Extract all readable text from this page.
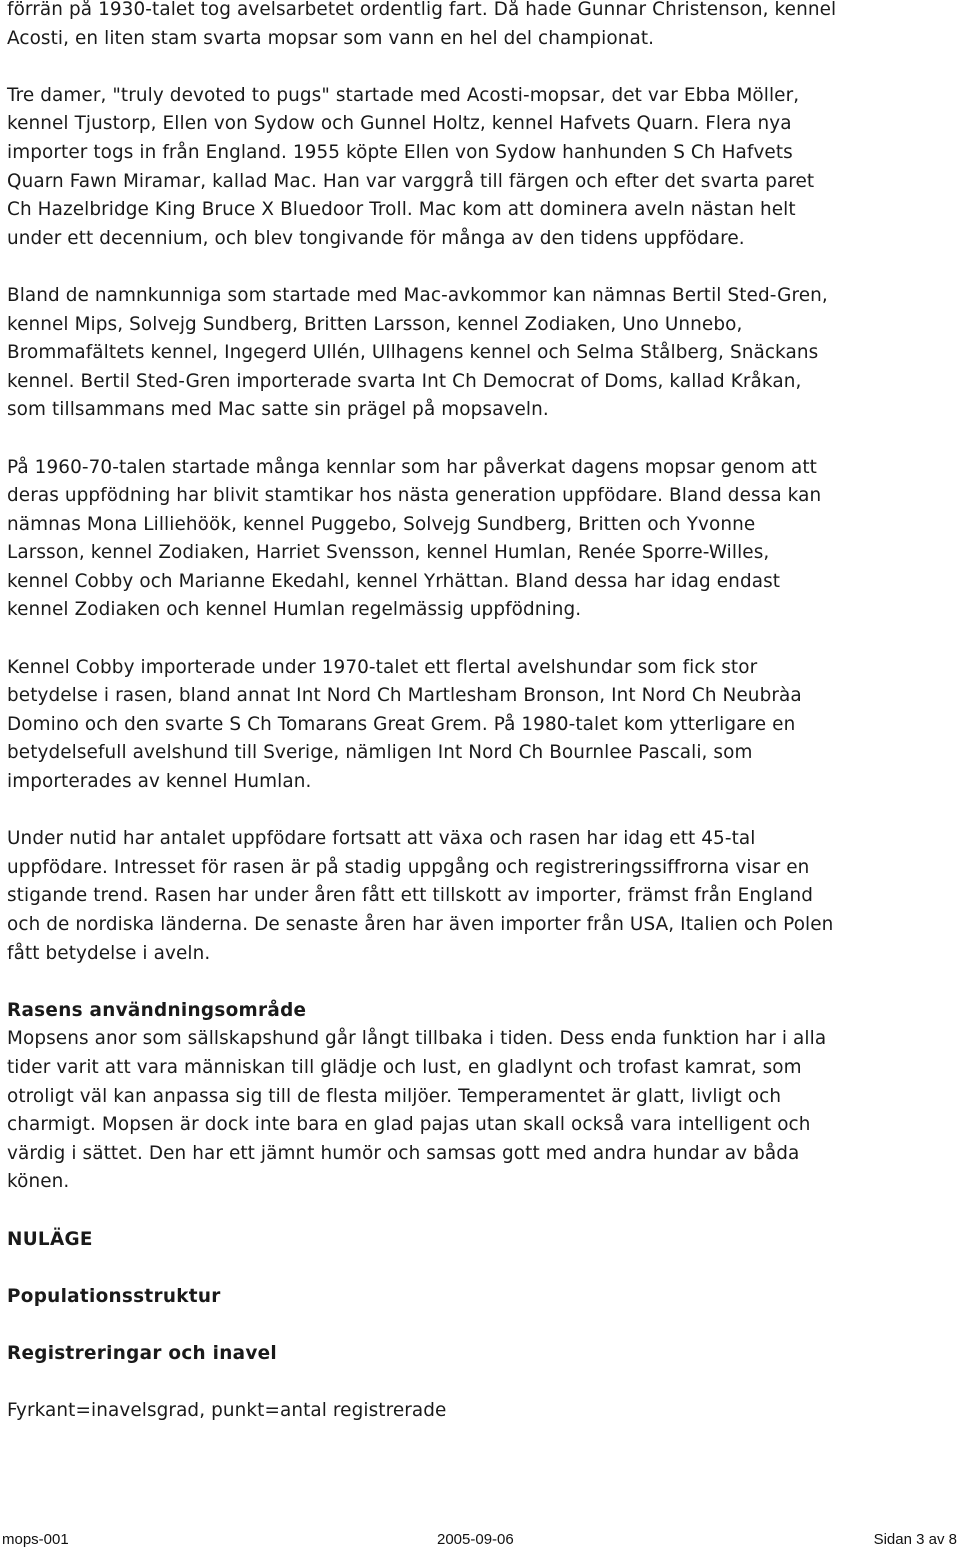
förrän på 1930-talet tog avelsarbetet ordentlig fart. Då hade Gunnar Christenson, kennel
Acosti, en liten stam svarta mopsar som vann en hel del championat.
Tre damer, "truly devoted to pugs" startade med Acosti-mopsar, det var Ebba Möller,
kennel Tjustorp, Ellen von Sydow och Gunnel Holtz, kennel Hafvets Quarn. Flera nya
importer togs in från England. 1955 köpte Ellen von Sydow hanhunden S Ch Hafvets
Quarn Fawn Miramar, kallad Mac. Han var varggrå till färgen och efter det svarta paret
Ch Hazelbridge King Bruce X Bluedoor Troll. Mac kom att dominera aveln nästan helt
under ett decennium, och blev tongivande för många av den tidens uppfödare.
Bland de namnkunniga som startade med Mac-avkommor kan nämnas Bertil Sted-Gren,
kennel Mips, Solvejg Sundberg, Britten Larsson, kennel Zodiaken, Uno Unnebo,
Brommafältets kennel, Ingegerd Ullén, Ullhagens kennel och Selma Stålberg, Snäckans
kennel. Bertil Sted-Gren importerade svarta Int Ch Democrat of Doms, kallad Kråkan,
som tillsammans med Mac satte sin prägel på mopsaveln.
På 1960-70-talen startade många kennlar som har påverkat dagens mopsar genom att
deras uppfödning har blivit stamtikar hos nästa generation uppfödare. Bland dessa kan
nämnas Mona Lilliehöök, kennel Puggebo, Solvejg Sundberg, Britten och Yvonne
Larsson, kennel Zodiaken, Harriet Svensson, kennel Humlan, Renée Sporre-Willes,
kennel Cobby och Marianne Ekedahl, kennel Yrhättan. Bland dessa har idag endast
kennel Zodiaken och kennel Humlan regelmässig uppfödning.
Kennel Cobby importerade under 1970-talet ett flertal avelshundar som fick stor
betydelse i rasen, bland annat Int Nord Ch Martlesham Bronson, Int Nord Ch Neubràa
Domino och den svarte S Ch Tomarans Great Grem. På 1980-talet kom ytterligare en
betydelsefull avelshund till Sverige, nämligen Int Nord Ch Bournlee Pascali, som
importerades av kennel Humlan.
Under nutid har antalet uppfödare fortsatt att växa och rasen har idag ett 45-tal
uppfödare. Intresset för rasen är på stadig uppgång och registreringssiffrorna visar en
stigande trend. Rasen har under åren fått ett tillskott av importer, främst från England
och de nordiska länderna. De senaste åren har även importer från USA, Italien och Polen
fått betydelse i aveln.
Rasens användningsområde
Mopsens anor som sällskapshund går långt tillbaka i tiden. Dess enda funktion har i alla
tider varit att vara människan till glädje och lust, en gladlynt och trofast kamrat, som
otroligt väl kan anpassa sig till de flesta miljöer. Temperamentet är glatt, livligt och
charmigt. Mopsen är dock inte bara en glad pajas utan skall också vara intelligent och
värdig i sättet. Den har ett jämnt humör och samsas gott med andra hundar av båda
könen.
NULÄGE
Populationsstruktur
Registreringar och inavel
Fyrkant=inavelsgrad, punkt=antal registrerade
mops-001	2005-09-06	Sidan 3 av 8
